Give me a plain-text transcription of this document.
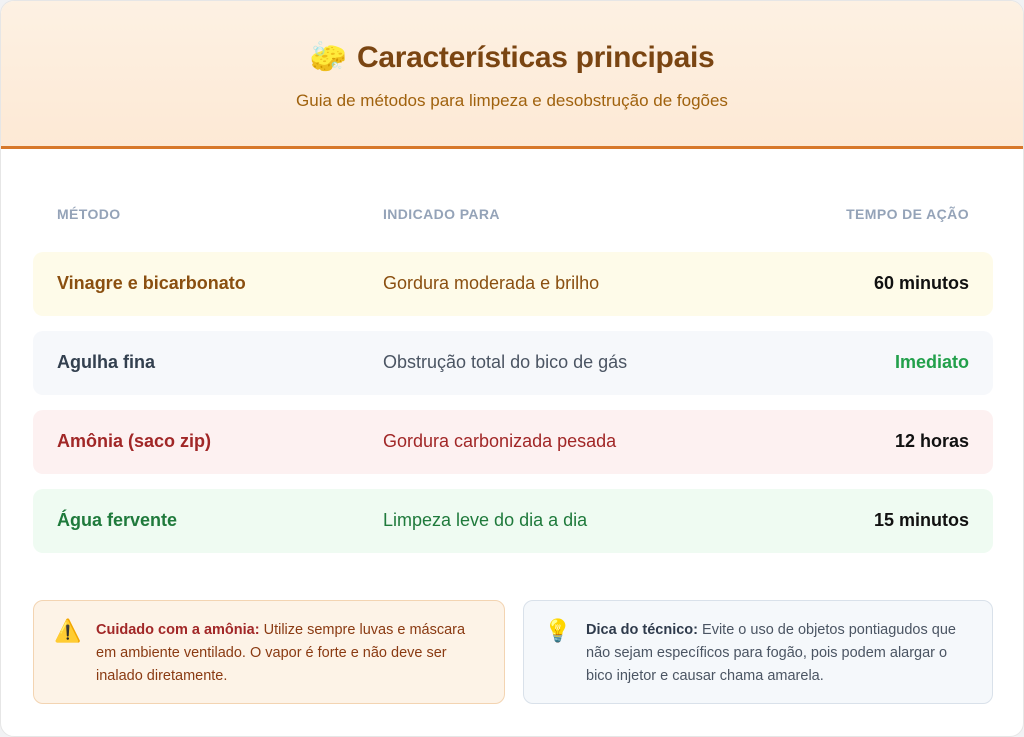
🧽 Características principais
Guia de métodos para limpeza e desobstrução de fogões
MÉTODO	INDICADO PARA	TEMPO DE AÇÃO
Vinagre e bicarbonato	Gordura moderada e brilho	60 minutos
Agulha fina	Obstrução total do bico de gás	Imediato
Amônia (saco zip)	Gordura carbonizada pesada	12 horas
Água fervente	Limpeza leve do dia a dia	15 minutos
⚠️ Cuidado com a amônia: Utilize sempre luvas e máscara em ambiente ventilado. O vapor é forte e não deve ser inalado diretamente.
💡 Dica do técnico: Evite o uso de objetos pontiagudos que não sejam específicos para fogão, pois podem alargar o bico injetor e causar chama amarela.
